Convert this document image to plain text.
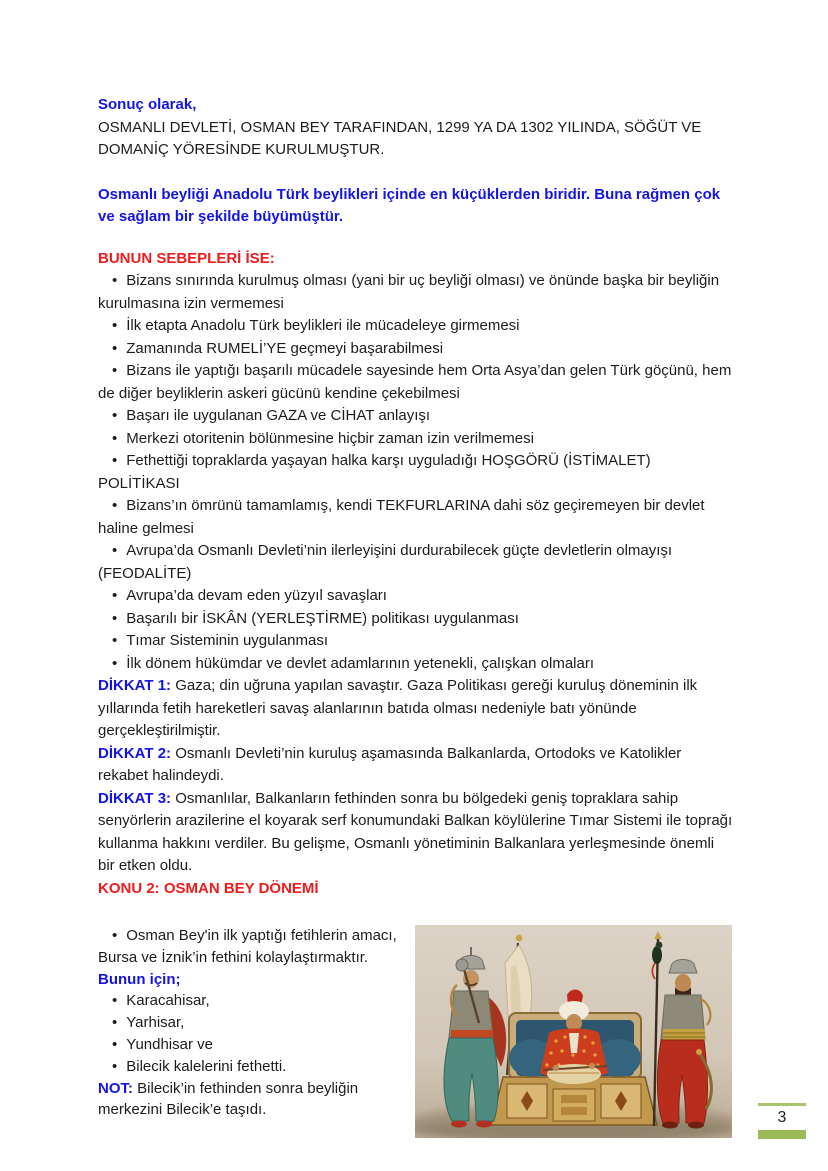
Sonuç olarak,

OSMANLI DEVLETİ, OSMAN BEY TARAFINDAN, 1299 YA DA 1302 YILINDA, SÖĞÜT VE DOMANİÇ YÖRESİNDE KURULMUŞTUR.

Osmanlı beyliği Anadolu Türk beylikleri içinde en küçüklerden biridir. Buna rağmen çok ve sağlam bir şekilde büyümüştür.

BUNUN SEBEPLERİ İSE:

• Bizans sınırında kurulmuş olması (yani bir uç beyliği olması) ve önünde başka bir beyliğin kurulmasına izin vermemesi

• İlk etapta Anadolu Türk beylikleri ile mücadeleye girmemesi

• Zamanında RUMELİ’YE geçmeyi başarabilmesi

• Bizans ile yaptığı başarılı mücadele sayesinde hem Orta Asya’dan gelen Türk göçünü, hem de diğer beyliklerin askeri gücünü kendine çekebilmesi

• Başarı ile uygulanan GAZA ve CİHAT anlayışı

• Merkezi otoritenin bölünmesine hiçbir zaman izin verilmemesi

• Fethettiği topraklarda yaşayan halka karşı uyguladığı HOŞGÖRÜ (İSTİMALET) POLİTİKASI

• Bizans’ın ömrünü tamamlamış, kendi TEKFURLARINA dahi söz geçiremeyen bir devlet haline gelmesi

• Avrupa’da Osmanlı Devleti’nin ilerleyişini durdurabilecek güçte devletlerin olmayışı (FEODALİTE)

• Avrupa’da devam eden yüzyıl savaşları

• Başarılı bir İSKÂN (YERLEŞTİRME) politikası uygulanması

• Tımar Sisteminin uygulanması

• İlk dönem hükümdar ve devlet adamlarının yetenekli, çalışkan olmaları

DİKKAT 1: Gaza; din uğruna yapılan savaştır. Gaza Politikası gereği kuruluş döneminin ilk yıllarında fetih hareketleri savaş alanlarının batıda olması nedeniyle batı yönünde gerçekleştirilmiştir.

DİKKAT 2: Osmanlı Devleti’nin kuruluş aşamasında Balkanlarda, Ortodoks ve Katolikler rekabet halindeydi.

DİKKAT 3: Osmanlılar, Balkanların fethinden sonra bu bölgedeki geniş topraklara sahip senyörlerin arazilerine el koyarak serf konumundaki Balkan köylülerine Tımar Sistemi ile toprağı kullanma hakkını verdiler. Bu gelişme, Osmanlı yönetiminin Balkanlara yerleşmesinde önemli bir etken oldu.

KONU 2: OSMAN BEY DÖNEMİ

• Osman Bey'in ilk yaptığı fetihlerin amacı, Bursa ve İznik’in fethini kolaylaştırmaktır.

Bunun için;

• Karacahisar,

• Yarhisar,

• Yundhisar ve

• Bilecik kalelerini fethetti.

NOT: Bilecik’in fethinden sonra beyliğin merkezini Bilecik’e taşıdı.	3
